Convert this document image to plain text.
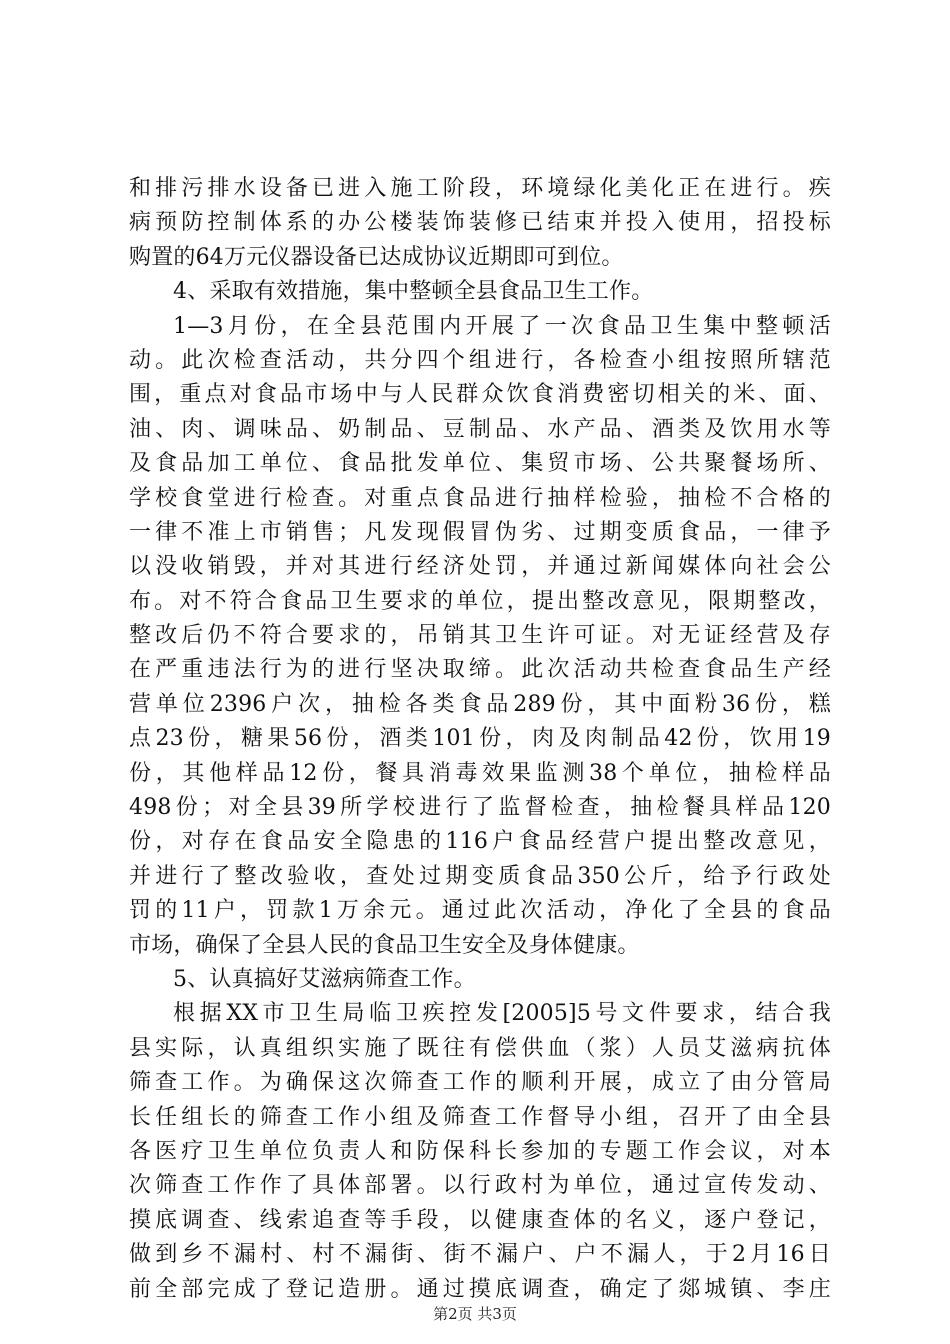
和排污排水设备已进入施工阶段，环境绿化美化正在进行。疾
病预防控制体系的办公楼装饰装修已结束并投入使用，招投标
购置的64万元仪器设备已达成协议近期即可到位。
4、采取有效措施，集中整顿全县食品卫生工作。
1—3月份，在全县范围内开展了一次食品卫生集中整顿活
动。此次检查活动，共分四个组进行，各检查小组按照所辖范
围，重点对食品市场中与人民群众饮食消费密切相关的米、面、
油、肉、调味品、奶制品、豆制品、水产品、酒类及饮用水等
及食品加工单位、食品批发单位、集贸市场、公共聚餐场所、
学校食堂进行检查。对重点食品进行抽样检验，抽检不合格的
一律不准上市销售；凡发现假冒伪劣、过期变质食品，一律予
以没收销毁，并对其进行经济处罚，并通过新闻媒体向社会公
布。对不符合食品卫生要求的单位，提出整改意见，限期整改，
整改后仍不符合要求的，吊销其卫生许可证。对无证经营及存
在严重违法行为的进行坚决取缔。此次活动共检查食品生产经
营单位2396户次，抽检各类食品289份，其中面粉36份，糕
点23份，糖果56份，酒类101份，肉及肉制品42份，饮用19
份，其他样品12份，餐具消毒效果监测38个单位，抽检样品
498份；对全县39所学校进行了监督检查，抽检餐具样品120
份，对存在食品安全隐患的116户食品经营户提出整改意见，
并进行了整改验收，查处过期变质食品350公斤，给予行政处
罚的11户，罚款1万余元。通过此次活动，净化了全县的食品
市场，确保了全县人民的食品卫生安全及身体健康。
5、认真搞好艾滋病筛查工作。
根据XX市卫生局临卫疾控发[2005]5号文件要求，结合我
县实际，认真组织实施了既往有偿供血（浆）人员艾滋病抗体
筛查工作。为确保这次筛查工作的顺利开展，成立了由分管局
长任组长的筛查工作小组及筛查工作督导小组，召开了由全县
各医疗卫生单位负责人和防保科长参加的专题工作会议，对本
次筛查工作作了具体部署。以行政村为单位，通过宣传发动、
摸底调查、线索追查等手段，以健康查体的名义，逐户登记，
做到乡不漏村、村不漏街、街不漏户、户不漏人，于2月16日
前全部完成了登记造册。通过摸底调查，确定了郯城镇、李庄
第2页 共3页
